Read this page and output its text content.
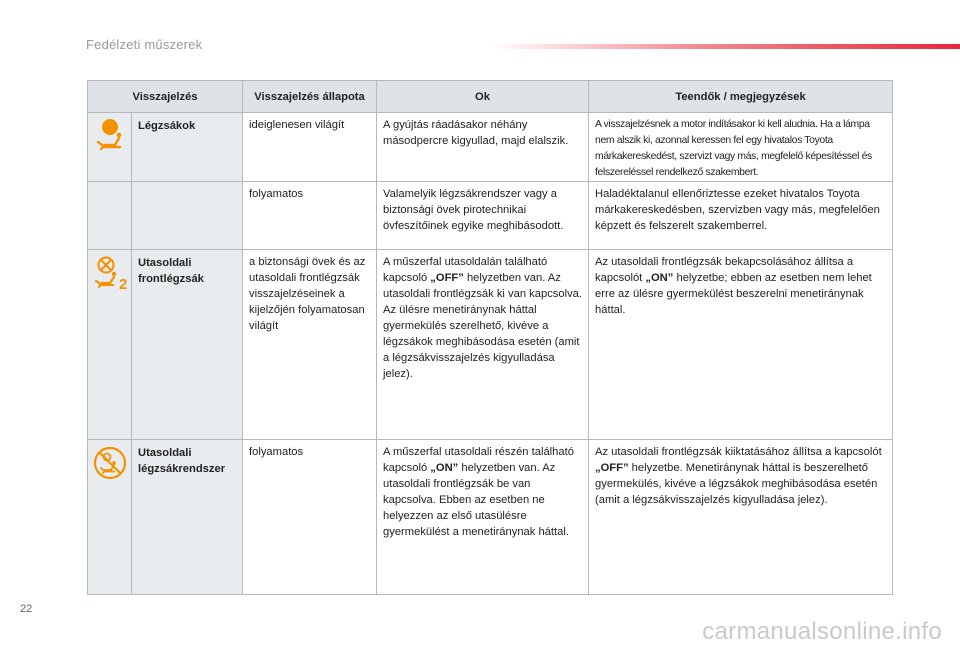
Fedélzeti műszerek
Visszajelzés		Visszajelzés állapota	Ok	Teendők / megjegyzések

	Légzsákok	ideiglenesen világít	A gyújtás ráadásakor néhány másodpercre kigyullad, majd elalszik.	A visszajelzésnek a motor indításakor ki kell aludnia. Ha a lámpa nem alszik ki, azonnal keressen fel egy hivatalos Toyota márkakereskedést, szervizt vagy más, megfelelő képesítéssel és felszereléssel rendelkező szakembert.
		folyamatos	Valamelyik légzsákrendszer vagy a biztonsági övek pirotechnikai övfeszítőinek egyike meghibásodott.	Haladéktalanul ellenőriztesse ezeket hivatalos Toyota márkakereskedésben, szervizben vagy más, megfelelően képzett és felszerelt szakemberrel.

2	Utasoldali frontlégzsák	a biztonsági övek és az utasoldali frontlégzsák visszajelzéseinek a kijelzőjén folyamatosan világít	A műszerfal utasoldalán található kapcsoló „OFF” helyzetben van. Az utasoldali frontlégzsák ki van kapcsolva. Az ülésre menetiránynak háttal gyermekülés szerelhető, kivéve a légzsákok meghibásodása esetén (amit a légzsákvisszajelzés kigyulladása jelez).	Az utasoldali frontlégzsák bekapcsolásához állítsa a kapcsolót „ON” helyzetbe; ebben az esetben nem lehet erre az ülésre gyermekülést beszerelni menetiránynak háttal.

	Utasoldali légzsákrendszer	folyamatos	A műszerfal utasoldali részén található kapcsoló „ON” helyzetben van. Az utasoldali frontlégzsák be van kapcsolva. Ebben az esetben ne helyezzen az első utasülésre gyermekülést a menetiránynak háttal.	Az utasoldali frontlégzsák kiiktatásához állítsa a kapcsolót „OFF” helyzetbe. Menetiránynak háttal is beszerelhető gyermekülés, kivéve a légzsákok meghibásodása esetén (amit a légzsákvisszajelzés kigyulladása jelez).
22
carmanualsonline.info
